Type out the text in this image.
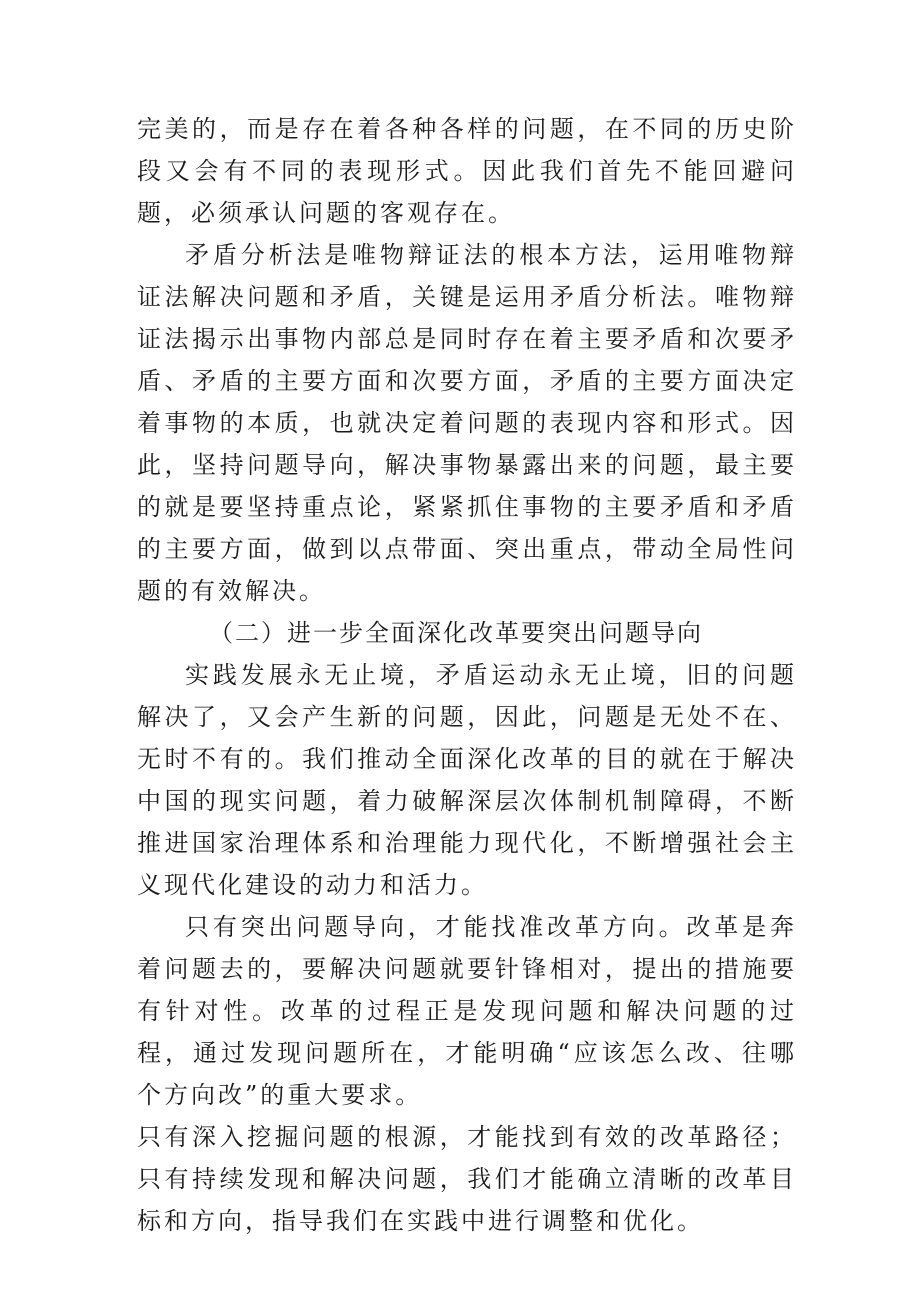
完美的，而是存在着各种各样的问题，在不同的历史阶段又会有不同的表现形式。因此我们首先不能回避问题，必须承认问题的客观存在。

矛盾分析法是唯物辩证法的根本方法，运用唯物辩证法解决问题和矛盾，关键是运用矛盾分析法。唯物辩证法揭示出事物内部总是同时存在着主要矛盾和次要矛盾、矛盾的主要方面和次要方面，矛盾的主要方面决定着事物的本质，也就决定着问题的表现内容和形式。因此，坚持问题导向，解决事物暴露出来的问题，最主要的就是要坚持重点论，紧紧抓住事物的主要矛盾和矛盾的主要方面，做到以点带面、突出重点，带动全局性问题的有效解决。

（二）进一步全面深化改革要突出问题导向

实践发展永无止境，矛盾运动永无止境，旧的问题解决了，又会产生新的问题，因此，问题是无处不在、无时不有的。我们推动全面深化改革的目的就在于解决中国的现实问题，着力破解深层次体制机制障碍，不断推进国家治理体系和治理能力现代化，不断增强社会主义现代化建设的动力和活力。

只有突出问题导向，才能找准改革方向。改革是奔着问题去的，要解决问题就要针锋相对，提出的措施要有针对性。改革的过程正是发现问题和解决问题的过程，通过发现问题所在，才能明确“应该怎么改、往哪个方向改”的重大要求。

只有深入挖掘问题的根源，才能找到有效的改革路径；只有持续发现和解决问题，我们才能确立清晰的改革目标和方向，指导我们在实践中进行调整和优化。
